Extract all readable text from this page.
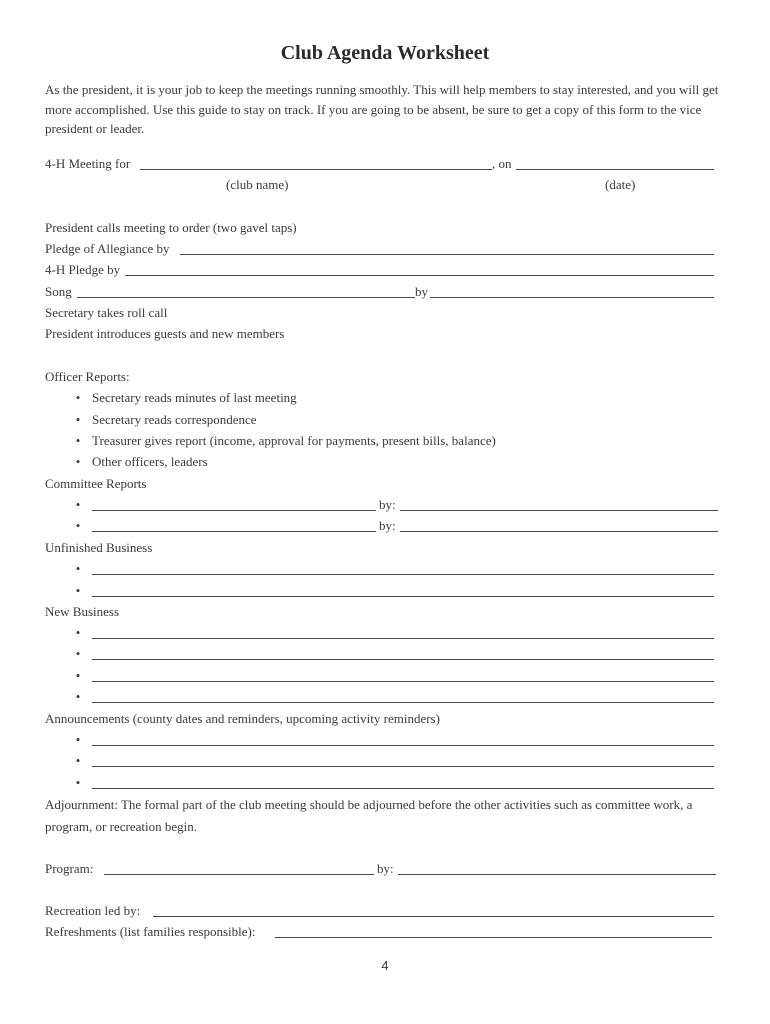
Club Agenda Worksheet
As the president, it is your job to keep the meetings running smoothly. This will help members to stay interested, and you will get more accomplished. Use this guide to stay on track. If you are going to be absent, be sure to get a copy of this form to the vice president or leader.
4-H Meeting for	, on
(club name)	(date)
President calls meeting to order (two gavel taps)
Pledge of Allegiance by
4-H Pledge by
Song	by
Secretary takes roll call
President introduces guests and new members
Officer Reports:
• Secretary reads minutes of last meeting
• Secretary reads correspondence
• Treasurer gives report (income, approval for payments, present bills, balance)
• Other officers, leaders
Committee Reports
•	by:
•	by:
Unfinished Business
•
•
New Business
•
•
•
•
Announcements (county dates and reminders, upcoming activity reminders)
•
•
•
Adjournment: The formal part of the club meeting should be adjourned before the other activities such as committee work, a program, or recreation begin.
Program:	by:
Recreation led by:
Refreshments (list families responsible):
4
